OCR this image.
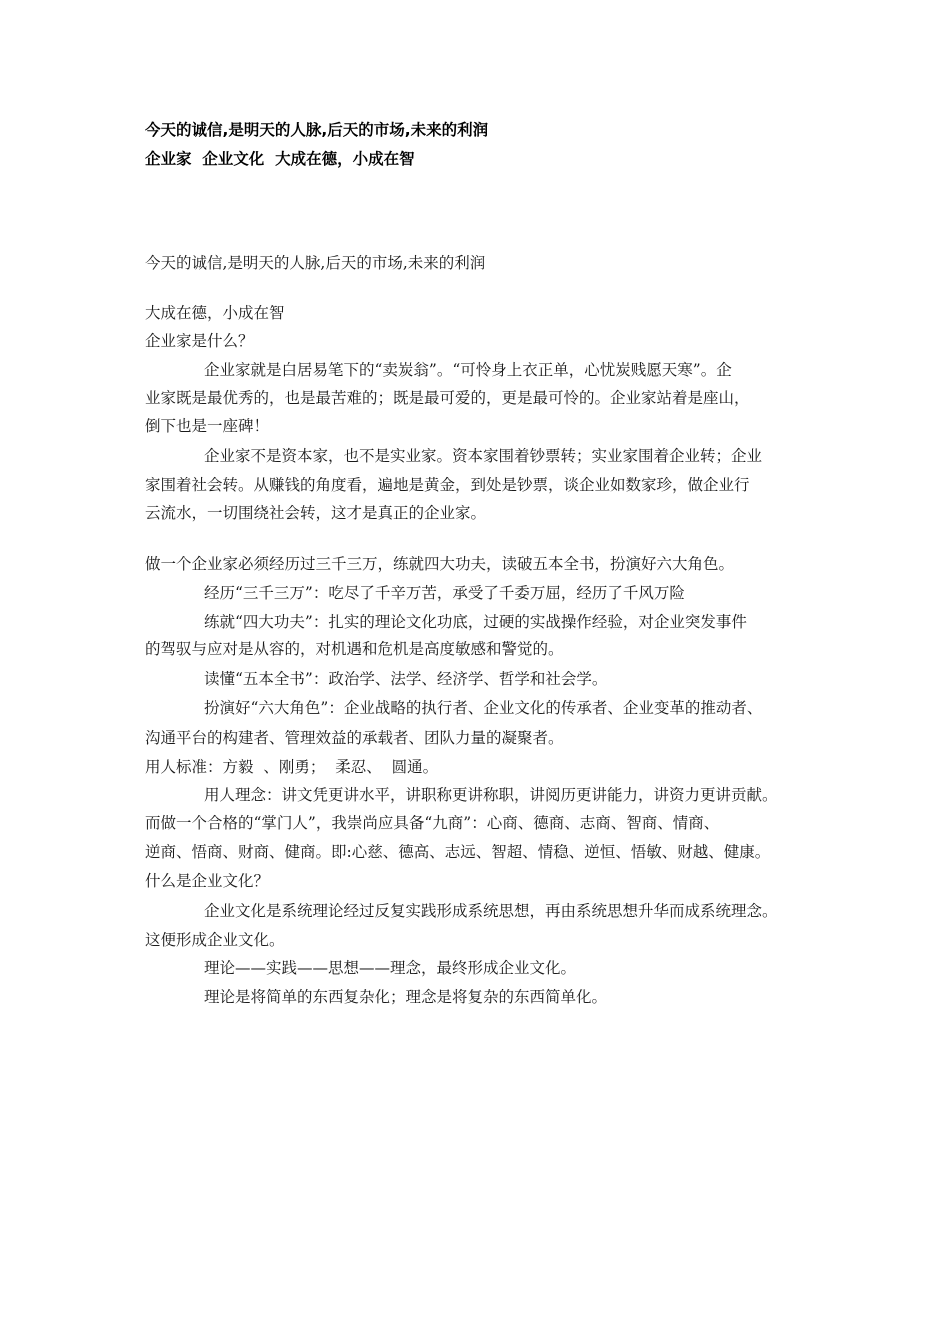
今天的诚信,是明天的人脉,后天的市场,未来的利润
企业家  企业文化  大成在德，小成在智
今天的诚信,是明天的人脉,后天的市场,未来的利润
大成在德，小成在智
企业家是什么？
企业家就是白居易笔下的“卖炭翁”。“可怜身上衣正单，心忧炭贱愿天寒”。企
业家既是最优秀的，也是最苦难的；既是最可爱的，更是最可怜的。企业家站着是座山，
倒下也是一座碑！
企业家不是资本家，也不是实业家。资本家围着钞票转；实业家围着企业转；企业
家围着社会转。从赚钱的角度看，遍地是黄金，到处是钞票，谈企业如数家珍，做企业行
云流水，一切围绕社会转，这才是真正的企业家。
做一个企业家必须经历过三千三万，练就四大功夫，读破五本全书，扮演好六大角色。
经历“三千三万”：吃尽了千辛万苦，承受了千委万屈，经历了千风万险
练就“四大功夫”：扎实的理论文化功底，过硬的实战操作经验，对企业突发事件
的驾驭与应对是从容的，对机遇和危机是高度敏感和警觉的。
读懂“五本全书”：政治学、法学、经济学、哲学和社会学。
扮演好“六大角色”：企业战略的执行者、企业文化的传承者、企业变革的推动者、
沟通平台的构建者、管理效益的承载者、团队力量的凝聚者。
用人标准：方毅  、刚勇；  柔忍、  圆通。
用人理念：讲文凭更讲水平，讲职称更讲称职，讲阅历更讲能力，讲资力更讲贡献。
而做一个合格的“掌门人”，我崇尚应具备“九商”：心商、德商、志商、智商、情商、
逆商、悟商、财商、健商。即:心慈、德高、志远、智超、情稳、逆恒、悟敏、财越、健康。
什么是企业文化？
企业文化是系统理论经过反复实践形成系统思想，再由系统思想升华而成系统理念。
这便形成企业文化。
理论——实践——思想——理念，最终形成企业文化。
理论是将简单的东西复杂化；理念是将复杂的东西简单化。
